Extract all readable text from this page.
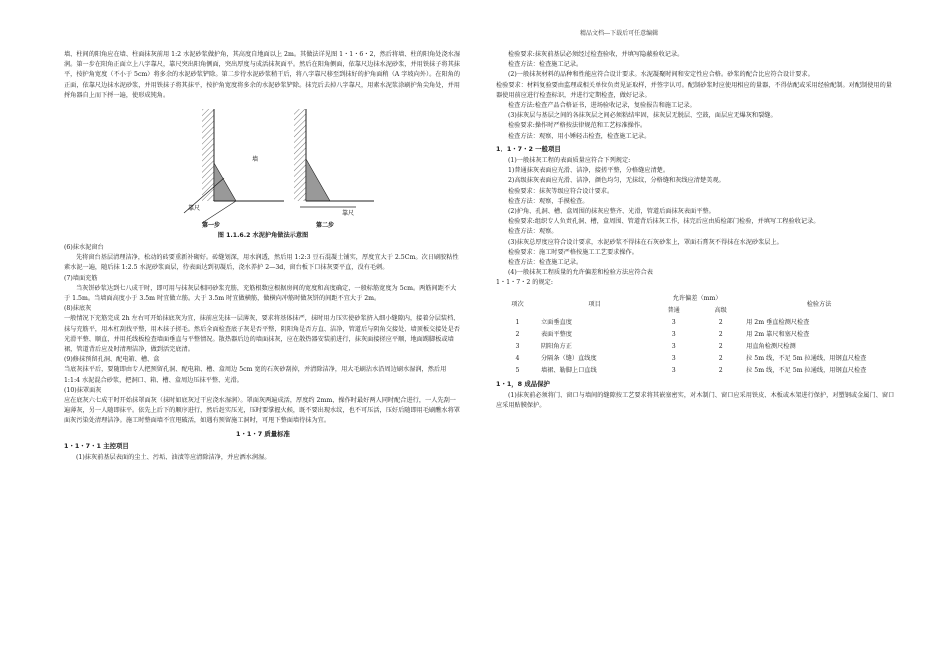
精品文档---下载后可任意编辑

墙、柱间的阳角应在墙、柱面抹灰前用 1:2 水泥砂浆做护角，其高度自地面以上 2m。其做法详见图 1・1・6・2，然后将墙、柱的阳角处浇水湿润。第一步在阳角正面立上八字靠尺，靠尺突出阳角侧面，突出厚度与成活抹灰面平。然后在阳角侧面，依靠尺边抹水泥砂浆，并用铁抹子将其抹平，按护角宽度（不小于 5cm）将多余的水泥砂浆铲除。第二步待水泥砂浆稍干后，将八字靠尺移至到抹好的护角面稍（A 字坡向外）。在阳角的正面，依靠尺边抹水泥砂浆，并用铁抹子将其抹平，按护角宽度将多余的水泥砂浆铲除。抹完后去掉八字靠尺，用素水泥浆涂刷护角尖角处，并用捋角器自上而下捋一遍，使形成钝角。

墙
靠尺
第一步
靠尺
第二步
图 1.1.6.2 水泥护角做法示意图

(6)抹水泥窗台

先将窗台基层清理洁净，松动的砖要重新补砌好。砖缝划深，用水润透，然后用 1:2:3 豆石混凝土铺实，厚度宜大于 2.5Cm。次日刷胶粘性素水泥一遍，随后抹 1:2.5 水泥砂浆面层，待表面达到初凝后，浇水养护 2—3d，窗台板下口抹灰要平直，没有毛刺。

(7)墙面充筋

当灰饼砂浆达到七八成干时，即可用与抹灰层相同砂浆充筋，充筋根数应根据房间的宽度和高度确定，一般标筋宽度为 5cm。两筋间距不大于 1.5m。当墙面高度小于 3.5m 时宜做立筋。大于 3.5m 时宜做横筋，做横向冲筋时做灰饼的间距不宜大于 2m。

(8)抹底灰

一般情况下充筋完成 2h 左右可开始抹底灰为宜，抹前应先抹一层薄灰，要求将基体抹严，抹时用力压实使砂浆挤入细小缝隙内，接着分层装档、抹与充筋平，用木杠刮找平整，用木抹子搓毛。然后全面检查底子灰是否平整，阴阳角是否方直、洁净，管道后与阴角交接处、墙顶板交接处是否光滑平整、顺直，并用托线板检查墙面垂直与平整情况。散热器后边的墙面抹灰，应在散热器安装前进行，抹灰面接搓应平顺，地面踢脚板或墙裙，管道背后应及时清理洁净，做到活完底清。

(9)修抹预留孔洞、配电箱、槽、盒

当底灰抹平后，要随即由专人把预留孔洞、配电箱、槽、盒周边 5cm 宽的石灰砂刮掉，并清除洁净，用大毛刷沾水沿周边刷水湿润，然后用 1:1:4 水泥混合砂浆，把洞口、箱、槽、盒周边压抹平整、光滑。

(10)抹罩面灰

应在底灰六七成干时开始抹罩面灰（抹时如底灰过干应浇水湿润）。罩面灰两遍成活，厚度约 2mm，操作时最好两人同时配合进行，一人先刮一遍薄灰，另一人随即抹平。依先上后下的顺序进行，然后赶实压光，压时要掌握火候，既不要出现水纹，也不可压活，压好后随即用毛刷醮水将罩面灰污染处清理洁净。施工时整面墙不宜甩破活，如遇有预留施工洞时，可甩下整面墙待抹为宜。

1・1・7 质量标准

1・1・7・1 主控项目

(1)抹灰前基层表面的尘土、污垢、油渍等应清除洁净，并应洒水润湿。

检验要求:抹灰前基层必须经过检查验收，并填写隐蔽验收记录。

检查方法：检查施工记录。

(2)一般抹灰材料的品种和性能应符合设计要求。水泥凝聚时间和安定性应合格。砂浆的配合比应符合设计要求。

检验要求：材料复验要由监理或相关单位负责见证取样，并签字认可。配制砂浆时应使用相应的量器，不得估配或采用经验配制。对配制使用的量器使用前应进行检查标识，并进行定期检查，做好记录。

检查方法:检查产品合格证书，进场验收记录，复验报告和施工记录。

(3)抹灰层与基层之间的各抹灰层之间必须粘结牢固，抹灰层无脱层、空鼓，面层应无爆灰和裂缝。

检验要求:操作时严格按法律规范和工艺标准操作。

检查方法：观察，用小锤轻击检查，检查施工记录。

1．1・7・2 一般项目

(1)一般抹灰工程的表面质量应符合下列规定:

1)普通抹灰表面应光滑、洁净，接搓平整，分格缝应清楚。

2)高级抹灰表面应光滑、洁净，颜色均匀，无抹纹，分格缝和灰线应清楚美观。

检验要求：抹灰等级应符合设计要求。

检查方法：观察，手摸检查。

(2)护角、孔洞、槽、盒周围的抹灰应整齐、光滑，管道后面抹灰表面平整。

检验要求:组织专人负责孔洞、槽，盒周围、管道背后抹灰工作，抹完后应由质检部门检验，并填写工程验收记录。

检查方法：观察。

(3)抹灰总厚度应符合设计要求，水泥砂浆不得抹在石灰砂浆上，罩面石膏灰不得抹在水泥砂浆层上。

检验要求：施工时要严格按施工工艺要求操作。

检查方法：检查施工记录。

(4)一般抹灰工程质量的允许偏差和检验方法应符合表

1・1・7・2 的规定:

项次	项目	允许偏差（mm）		检验方法
		普通	高级	
1	立面垂直度	3	2	用 2m 垂直检测尺检查
2	表面平整度	3	2	用 2m 靠尺和塞尺检查
3	阴阳角方正	3	2	用直角检测尺检测
4	分隔条（缝）直线度	3	2	拉 5m 线，不足 5m 拉通线，用钢直尺检查
5	墙裙、勒脚上口直线	3	2	拉 5m 线，不足 5m 拉通线，用钢直尺检查

1・1，8 成品保护

(1)抹灰前必须将门、窗口与墙间的缝隙按工艺要求将其嵌塞密实，对木制门、窗口应采用铁皮、木板或木架进行保护，对塑钢或金属门、窗口应采用贴膜保护。
